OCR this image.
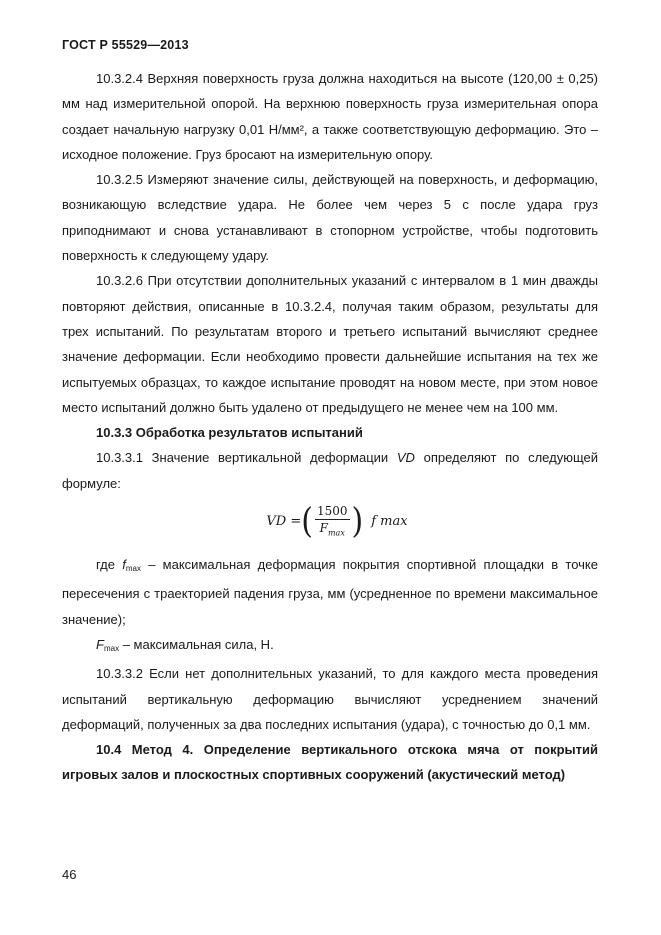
ГОСТ Р 55529—2013

10.3.2.4 Верхняя поверхность груза должна находиться на высоте (120,00 ± 0,25) мм над измерительной опорой. На верхнюю поверхность груза измерительная опора создает начальную нагрузку 0,01 Н/мм², а также соответствующую деформацию. Это – исходное положение. Груз бросают на измерительную опору.

10.3.2.5 Измеряют значение силы, действующей на поверхность, и деформацию, возникающую вследствие удара. Не более чем через 5 с после удара груз приподнимают и снова устанавливают в стопорном устройстве, чтобы подготовить поверхность к следующему удару.

10.3.2.6 При отсутствии дополнительных указаний с интервалом в 1 мин дважды повторяют действия, описанные в 10.3.2.4, получая таким образом, результаты для трех испытаний. По результатам второго и третьего испытаний вычисляют среднее значение деформации. Если необходимо провести дальнейшие испытания на тех же испытуемых образцах, то каждое испытание проводят на новом месте, при этом новое место испытаний должно быть удалено от предыдущего не менее чем на 100 мм.

10.3.3 Обработка результатов испытаний

10.3.3.1 Значение вертикальной деформации VD определяют по следующей формуле:

VD = ( $\frac{1500}{F_{max}}$ ) f max

где $f_{max}$ – максимальная деформация покрытия спортивной площадки в точке пересечения с траекторией падения груза, мм (усредненное по времени максимальное значение);

$F_{max}$ – максимальная сила, Н.

10.3.3.2 Если нет дополнительных указаний, то для каждого места проведения испытаний вертикальную деформацию вычисляют усреднением значений деформаций, полученных за два последних испытания (удара), с точностью до 0,1 мм.

10.4 Метод 4. Определение вертикального отскока мяча от покрытий игровых залов и плоскостных спортивных сооружений (акустический метод)

46
